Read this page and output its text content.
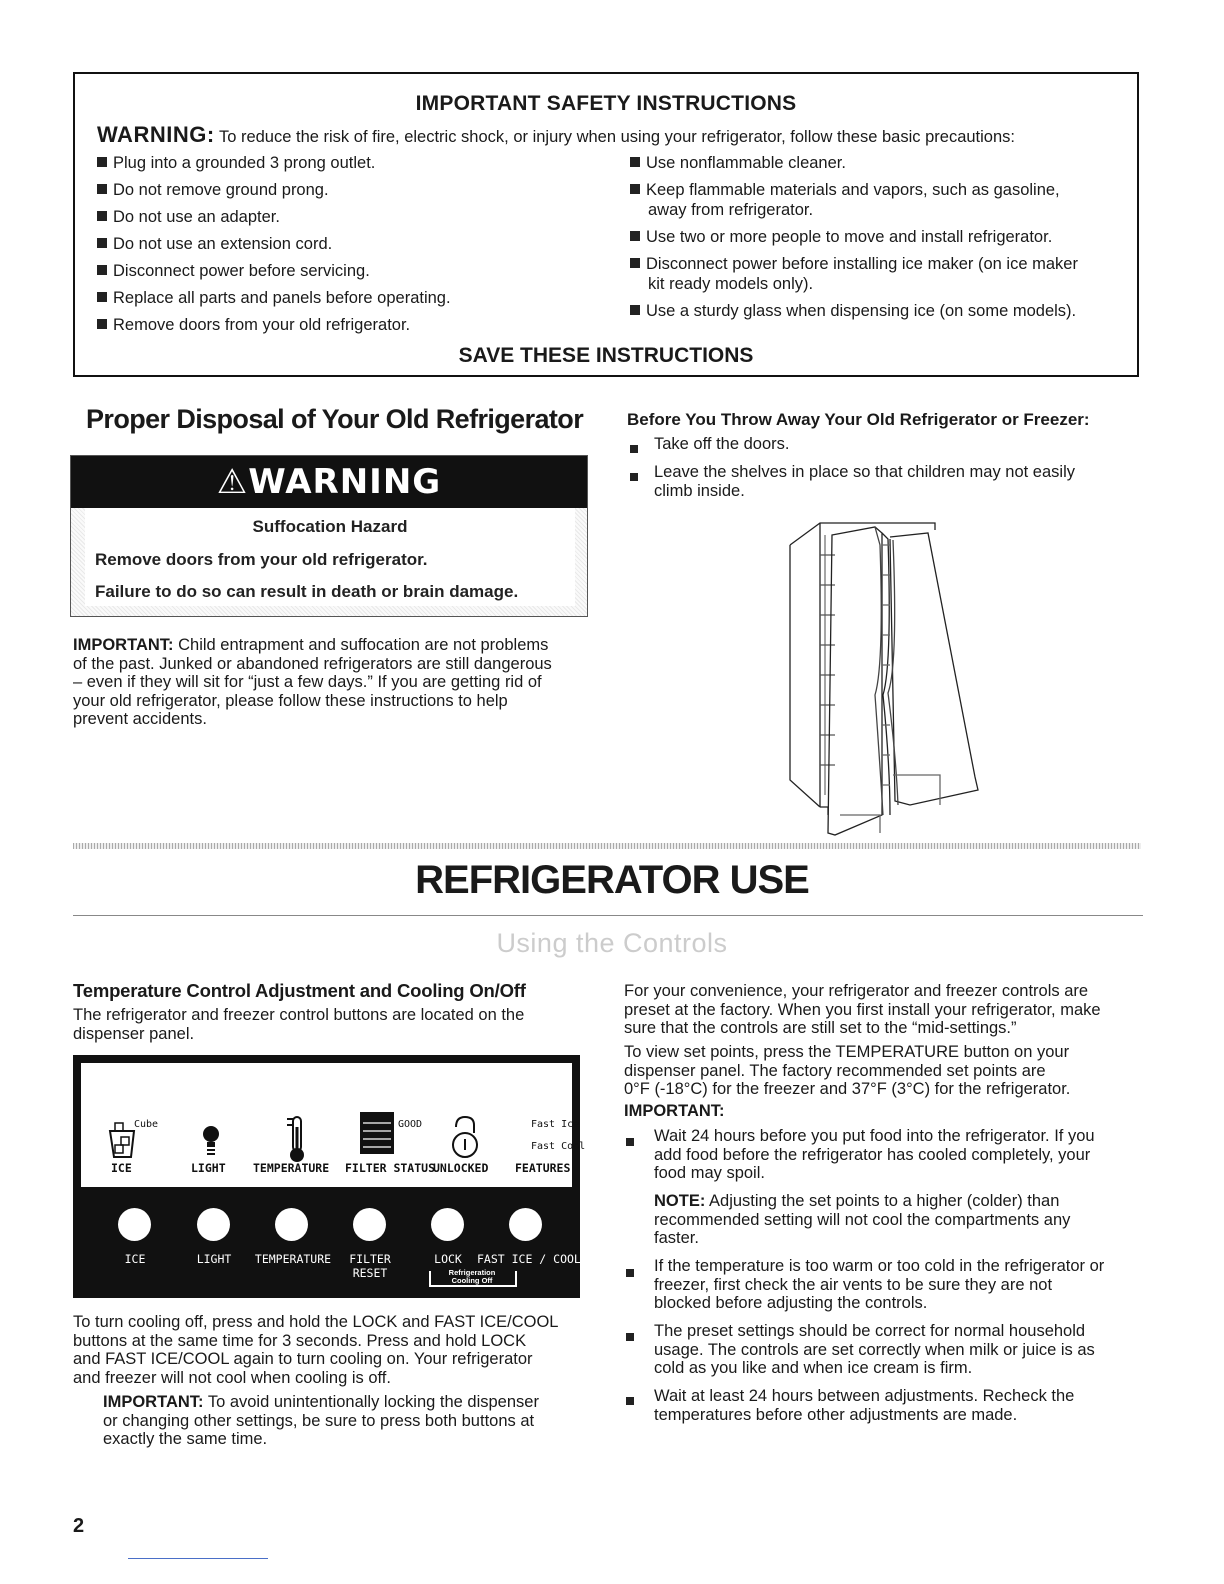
IMPORTANT SAFETY INSTRUCTIONS
WARNING: To reduce the risk of fire, electric shock, or injury when using your refrigerator, follow these basic precautions:
Plug into a grounded 3 prong outlet.
Do not remove ground prong.
Do not use an adapter.
Do not use an extension cord.
Disconnect power before servicing.
Replace all parts and panels before operating.
Remove doors from your old refrigerator.
Use nonflammable cleaner.
Keep flammable materials and vapors, such as gasoline,
away from refrigerator.
Use two or more people to move and install refrigerator.
Disconnect power before installing ice maker (on ice maker
kit ready models only).
Use a sturdy glass when dispensing ice (on some models).
SAVE THESE INSTRUCTIONS
Proper Disposal of Your Old Refrigerator
⚠WARNING
Suffocation Hazard
Remove doors from your old refrigerator.
Failure to do so can result in death or brain damage.
IMPORTANT: Child entrapment and suffocation are not problems
of the past. Junked or abandoned refrigerators are still dangerous
– even if they will sit for “just a few days.” If you are getting rid of
your old refrigerator, please follow these instructions to help
prevent accidents.
Before You Throw Away Your Old Refrigerator or Freezer:
Take off the doors.
Leave the shelves in place so that children may not easily
climb inside.
REFRIGERATOR USE
Using the Controls
Temperature Control Adjustment and Cooling On/Off
The refrigerator and freezer control buttons are located on the
dispenser panel.
Cube	GOOD	Fast Ice
Fast Cool
ICE	LIGHT TEMPERATURE FILTER STATUS
UNLOCKED FEATURES
ICE	LIGHT	TEMPERATURE	FILTER
RESET
LOCK	FAST ICE / COOL
Refrigeration
Cooling Off
To turn cooling off, press and hold the LOCK and FAST ICE/COOL
buttons at the same time for 3 seconds. Press and hold LOCK
and FAST ICE/COOL again to turn cooling on. Your refrigerator
and freezer will not cool when cooling is off.
IMPORTANT: To avoid unintentionally locking the dispenser
or changing other settings, be sure to press both buttons at
exactly the same time.
For your convenience, your refrigerator and freezer controls are
preset at the factory. When you first install your refrigerator, make
sure that the controls are still set to the “mid-settings.”
To view set points, press the TEMPERATURE button on your
dispenser panel. The factory recommended set points are
0°F (-18°C) for the freezer and 37°F (3°C) for the refrigerator.
IMPORTANT:
Wait 24 hours before you put food into the refrigerator. If you
add food before the refrigerator has cooled completely, your
food may spoil.
NOTE: Adjusting the set points to a higher (colder) than
recommended setting will not cool the compartments any
faster.
If the temperature is too warm or too cold in the refrigerator or
freezer, first check the air vents to be sure they are not
blocked before adjusting the controls.
The preset settings should be correct for normal household
usage. The controls are set correctly when milk or juice is as
cold as you like and when ice cream is firm.
Wait at least 24 hours between adjustments. Recheck the
temperatures before other adjustments are made.
2
